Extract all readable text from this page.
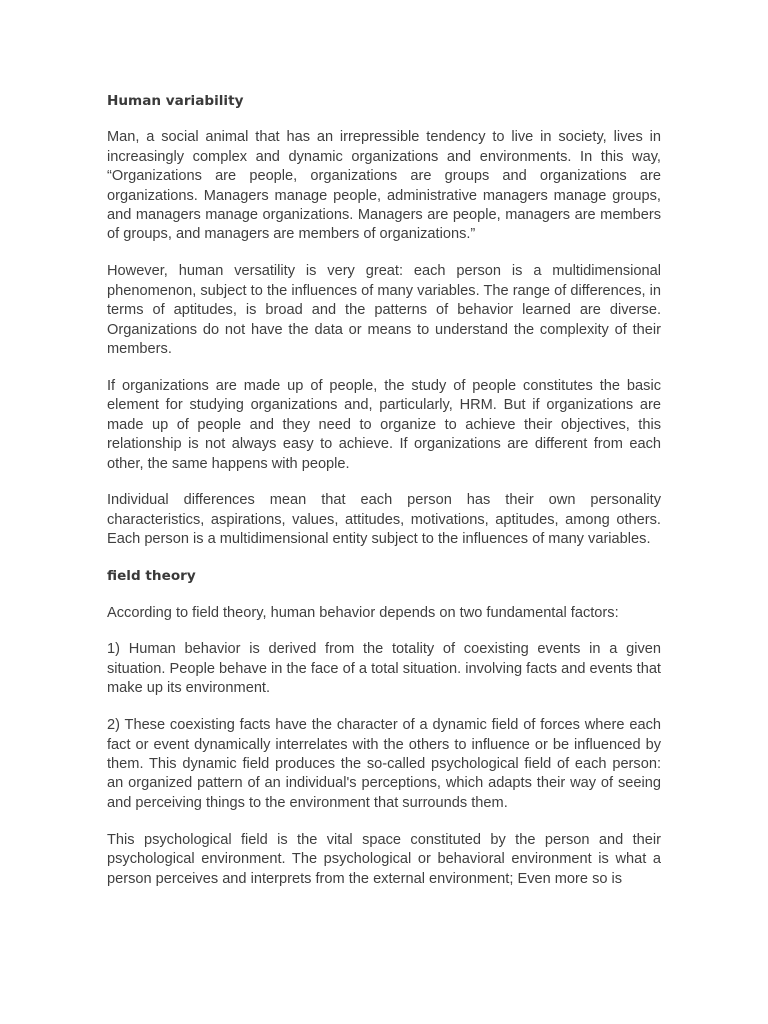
Human variability

Man, a social animal that has an irrepressible tendency to live in society, lives in increasingly complex and dynamic organizations and environments. In this way, “Organizations are people, organizations are groups and organizations are organizations. Managers manage people, administrative managers manage groups, and managers manage organizations. Managers are people, managers are members of groups, and managers are members of organizations.”

However, human versatility is very great: each person is a multidimensional phenomenon, subject to the influences of many variables. The range of differences, in terms of aptitudes, is broad and the patterns of behavior learned are diverse. Organizations do not have the data or means to understand the complexity of their members.

If organizations are made up of people, the study of people constitutes the basic element for studying organizations and, particularly, HRM. But if organizations are made up of people and they need to organize to achieve their objectives, this relationship is not always easy to achieve. If organizations are different from each other, the same happens with people.

Individual differences mean that each person has their own personality characteristics, aspirations, values, attitudes, motivations, aptitudes, among others. Each person is a multidimensional entity subject to the influences of many variables.

field theory

According to field theory, human behavior depends on two fundamental factors:

1) Human behavior is derived from the totality of coexisting events in a given situation. People behave in the face of a total situation. involving facts and events that make up its environment.

2) These coexisting facts have the character of a dynamic field of forces where each fact or event dynamically interrelates with the others to influence or be influenced by them. This dynamic field produces the so-called psychological field of each person: an organized pattern of an individual's perceptions, which adapts their way of seeing and perceiving things to the environment that surrounds them.

This psychological field is the vital space constituted by the person and their psychological environment. The psychological or behavioral environment is what a person perceives and interprets from the external environment; Even more so is
